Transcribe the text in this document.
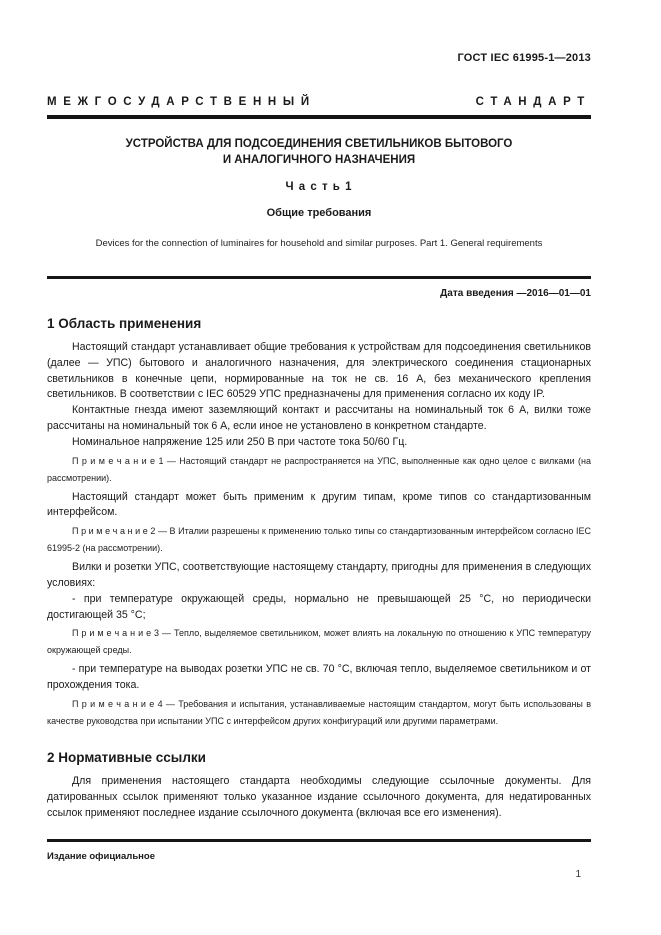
ГОСТ IEC 61995-1—2013
МЕЖГОСУДАРСТВЕННЫЙ	СТАНДАРТ
УСТРОЙСТВА ДЛЯ ПОДСОЕДИНЕНИЯ СВЕТИЛЬНИКОВ БЫТОВОГО
И АНАЛОГИЧНОГО НАЗНАЧЕНИЯ
Ч а с т ь 1
Общие требования
Devices for the connection of luminaires for household and similar purposes. Part 1. General requirements
Дата введения —2016—01—01
1 Область применения

Настоящий стандарт устанавливает общие требования к устройствам для подсоединения светильников (далее — УПС) бытового и аналогичного назначения, для электрического соединения стационарных светильников в конечные цепи, нормированные на ток не св. 16 А, без механического крепления светильников. В соответствии с IEC 60529 УПС предназначены для применения согласно их коду IP.

Контактные гнезда имеют заземляющий контакт и рассчитаны на номинальный ток 6 А, вилки тоже рассчитаны на номинальный ток 6 А, если иное не установлено в конкретном стандарте.

Номинальное напряжение 125 или 250 В при частоте тока 50/60 Гц.

П р и м е ч а н и е 1 — Настоящий стандарт не распространяется на УПС, выполненные как одно целое с вилками (на рассмотрении).

Настоящий стандарт может быть применим к другим типам, кроме типов со стандартизованным интерфейсом.

П р и м е ч а н и е 2 — В Италии разрешены к применению только типы со стандартизованным интерфейсом согласно IEC 61995-2 (на рассмотрении).

Вилки и розетки УПС, соответствующие настоящему стандарту, пригодны для применения в следующих условиях:

- при температуре окружающей среды, нормально не превышающей 25 °С, но периодически достигающей 35 °С;

П р и м е ч а н и е 3 — Тепло, выделяемое светильником, может влиять на локальную по отношению к УПС температуру окружающей среды.

- при температуре на выводах розетки УПС не св. 70 °С, включая тепло, выделяемое светильником и от прохождения тока.

П р и м е ч а н и е 4 — Требования и испытания, устанавливаемые настоящим стандартом, могут быть использованы в качестве руководства при испытании УПС с интерфейсом других конфигураций или другими параметрами.

2 Нормативные ссылки

Для применения настоящего стандарта необходимы следующие ссылочные документы. Для датированных ссылок применяют только указанное издание ссылочного документа, для недатированных ссылок применяют последнее издание ссылочного документа (включая все его изменения).

Издание официальное
1
